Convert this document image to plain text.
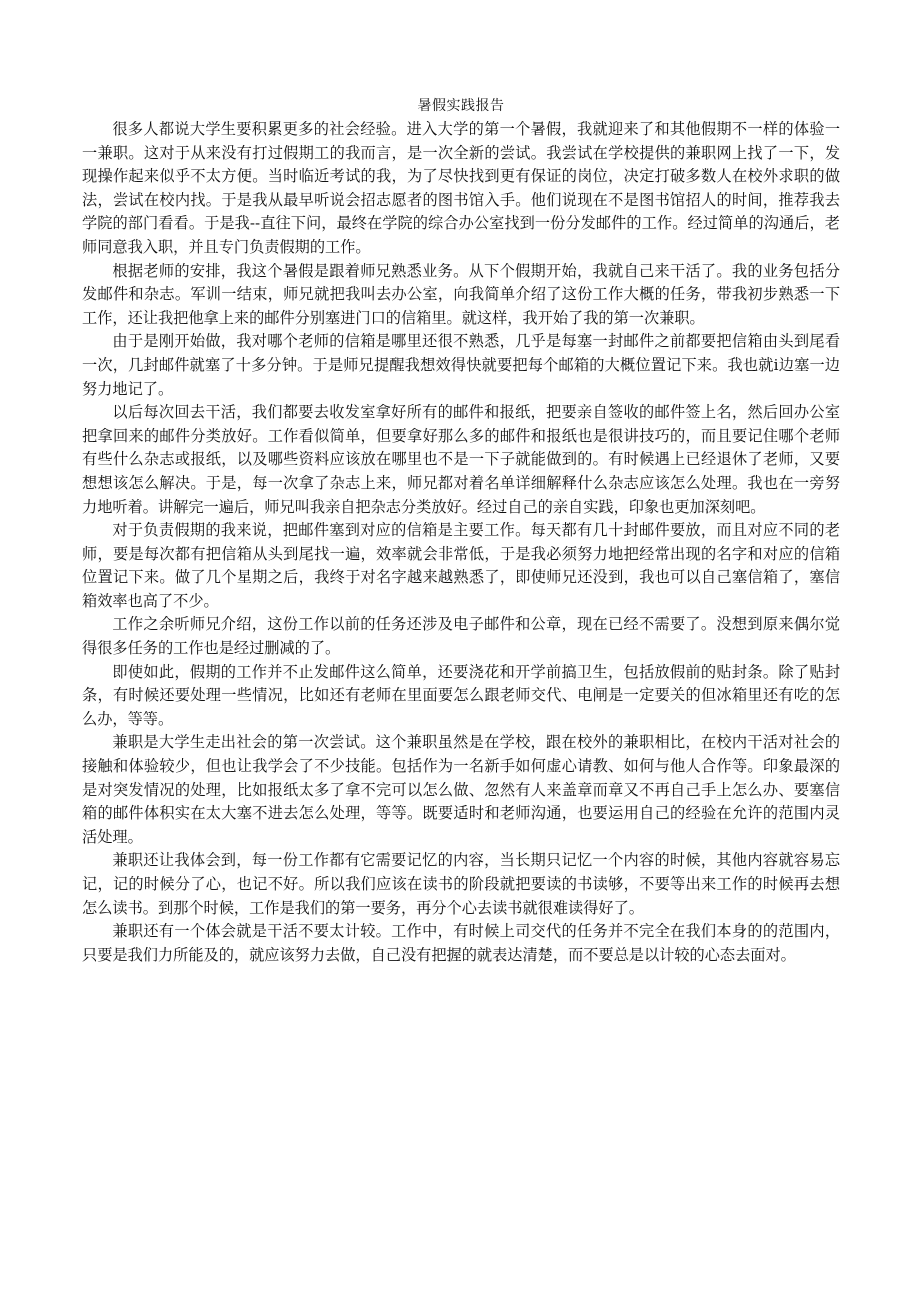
暑假实践报告

很多人都说大学生要积累更多的社会经验。进入大学的第一个暑假，我就迎来了和其他假期不一样的体验一一兼职。这对于从来没有打过假期工的我而言，是一次全新的尝试。我尝试在学校提供的兼职网上找了一下，发现操作起来似乎不太方便。当时临近考试的我，为了尽快找到更有保证的岗位，决定打破多数人在校外求职的做法，尝试在校内找。于是我从最早听说会招志愿者的图书馆入手。他们说现在不是图书馆招人的时间，推荐我去学院的部门看看。于是我--直往下问，最终在学院的综合办公室找到一份分发邮件的工作。经过简单的沟通后，老师同意我入职，并且专门负责假期的工作。

根据老师的安排，我这个暑假是跟着师兄熟悉业务。从下个假期开始，我就自己来干活了。我的业务包括分发邮件和杂志。军训一结束，师兄就把我叫去办公室，向我简单介绍了这份工作大概的任务，带我初步熟悉一下工作，还让我把他拿上来的邮件分别塞进门口的信箱里。就这样，我开始了我的第一次兼职。

由于是刚开始做，我对哪个老师的信箱是哪里还很不熟悉，几乎是每塞一封邮件之前都要把信箱由头到尾看一次，几封邮件就塞了十多分钟。于是师兄提醒我想效得快就要把每个邮箱的大概位置记下来。我也就i边塞一边努力地记了。

以后每次回去干活，我们都要去收发室拿好所有的邮件和报纸，把要亲自签收的邮件签上名，然后回办公室把拿回来的邮件分类放好。工作看似简单，但要拿好那么多的邮件和报纸也是很讲技巧的，而且要记住哪个老师有些什么杂志或报纸，以及哪些资料应该放在哪里也不是一下子就能做到的。有时候遇上已经退休了老师，又要想想该怎么解决。于是，每一次拿了杂志上来，师兄都对着名单详细解释什么杂志应该怎么处理。我也在一旁努力地听着。讲解完一遍后，师兄叫我亲自把杂志分类放好。经过自己的亲自实践，印象也更加深刻吧。

对于负责假期的我来说，把邮件塞到对应的信箱是主要工作。每天都有几十封邮件要放，而且对应不同的老师，要是每次都有把信箱从头到尾找一遍，效率就会非常低，于是我必须努力地把经常出现的名字和对应的信箱位置记下来。做了几个星期之后，我终于对名字越来越熟悉了，即使师兄还没到，我也可以自己塞信箱了，塞信箱效率也高了不少。

工作之余听师兄介绍，这份工作以前的任务还涉及电子邮件和公章，现在已经不需要了。没想到原来偶尔觉得很多任务的工作也是经过删减的了。

即使如此，假期的工作并不止发邮件这么简单，还要浇花和开学前搞卫生，包括放假前的贴封条。除了贴封条，有时候还要处理一些情况，比如还有老师在里面要怎么跟老师交代、电闸是一定要关的但冰箱里还有吃的怎么办，等等。

兼职是大学生走出社会的第一次尝试。这个兼职虽然是在学校，跟在校外的兼职相比，在校内干活对社会的接触和体验较少，但也让我学会了不少技能。包括作为一名新手如何虚心请教、如何与他人合作等。印象最深的是对突发情况的处理，比如报纸太多了拿不完可以怎么做、忽然有人来盖章而章又不再自己手上怎么办、要塞信箱的邮件体积实在太大塞不进去怎么处理，等等。既要适时和老师沟通，也要运用自己的经验在允许的范围内灵活处理。

兼职还让我体会到，每一份工作都有它需要记忆的内容，当长期只记忆一个内容的时候，其他内容就容易忘记，记的时候分了心，也记不好。所以我们应该在读书的阶段就把要读的书读够，不要等出来工作的时候再去想怎么读书。到那个时候，工作是我们的第一要务，再分个心去读书就很难读得好了。

兼职还有一个体会就是干活不要太计较。工作中，有时候上司交代的任务并不完全在我们本身的的范围内，只要是我们力所能及的，就应该努力去做，自己没有把握的就表达清楚，而不要总是以计较的心态去面对。
